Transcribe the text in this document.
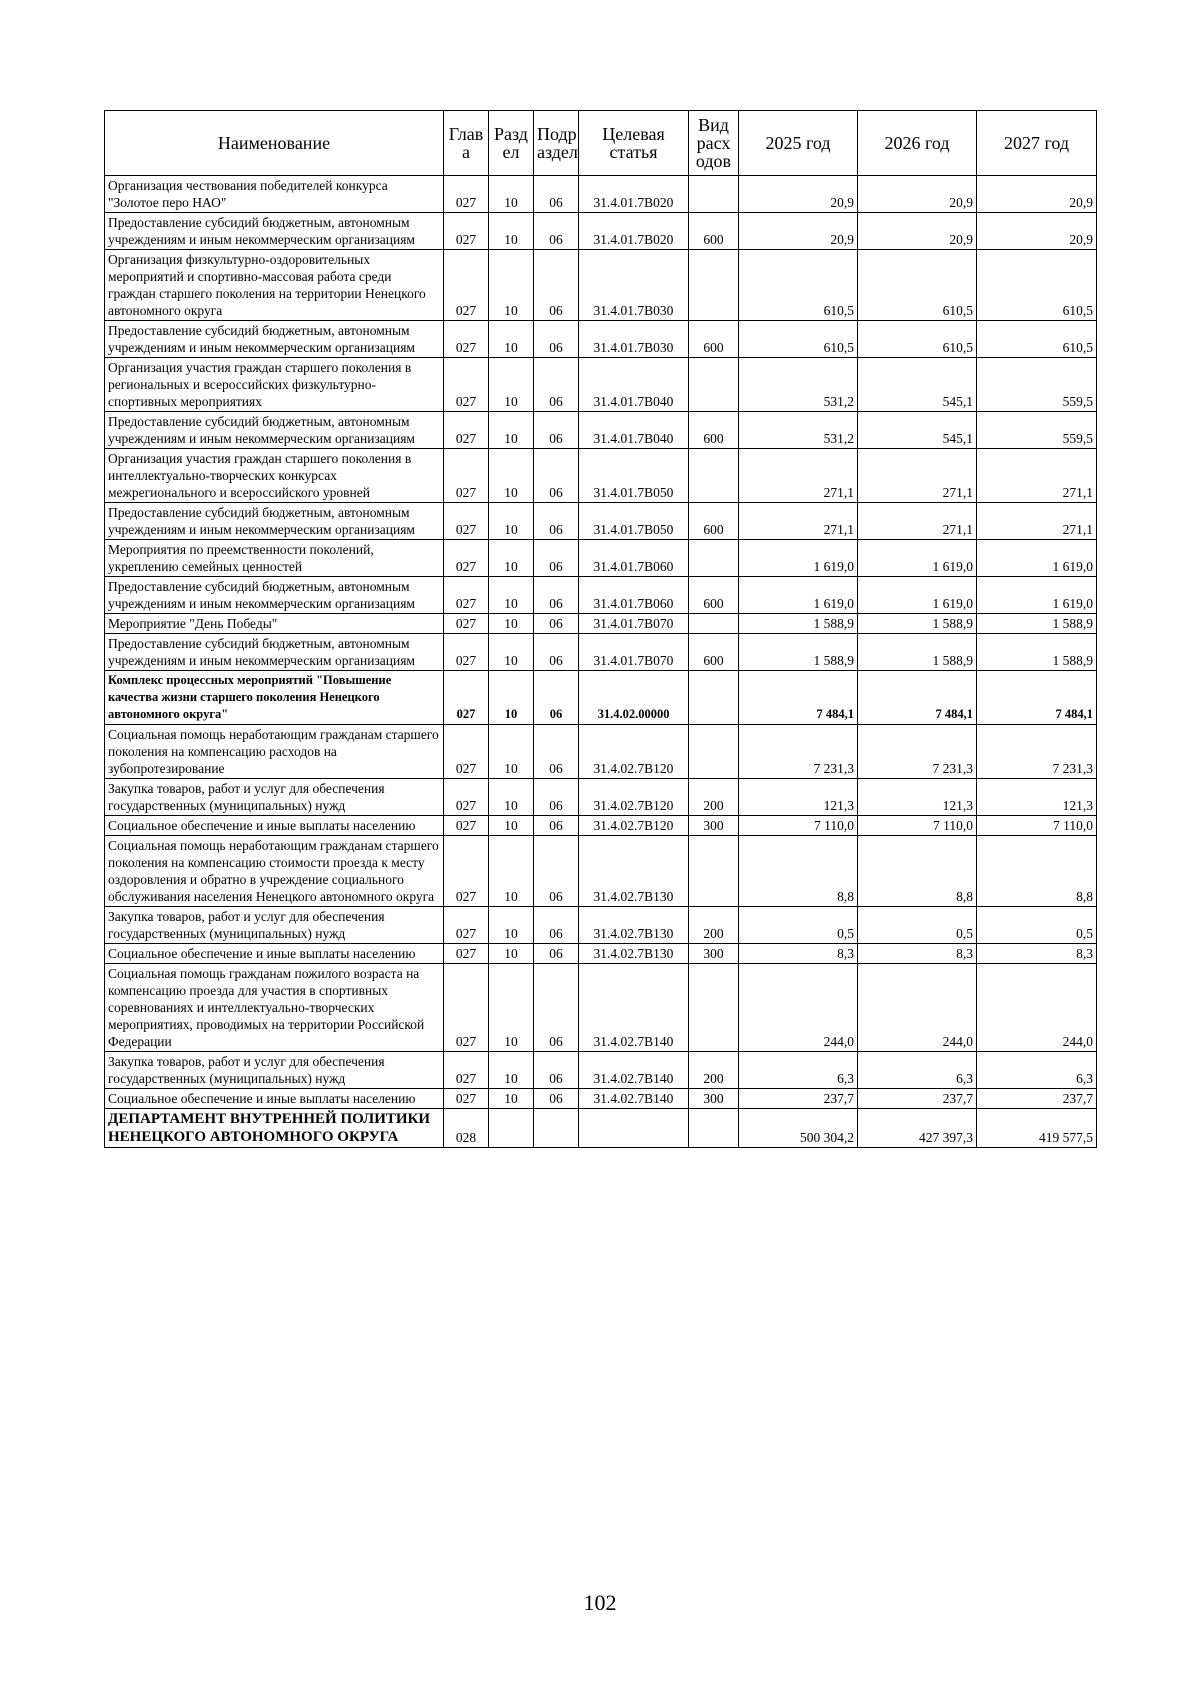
Наименование	Глав а	Разд ел	Подр аздел	Целевая статья	Вид расх одов	2025 год	2026 год	2027 год
Организация чествования победителей конкурса "Золотое перо НАО"	027	10	06	31.4.01.7В020		20,9	20,9	20,9
Предоставление субсидий бюджетным, автономным учреждениям и иным некоммерческим организациям	027	10	06	31.4.01.7В020	600	20,9	20,9	20,9
Организация физкультурно-оздоровительных мероприятий и спортивно-массовая работа среди граждан старшего поколения на территории Ненецкого автономного округа	027	10	06	31.4.01.7В030		610,5	610,5	610,5
Предоставление субсидий бюджетным, автономным учреждениям и иным некоммерческим организациям	027	10	06	31.4.01.7В030	600	610,5	610,5	610,5
Организация участия граждан старшего поколения в региональных и всероссийских физкультурно-спортивных мероприятиях	027	10	06	31.4.01.7В040		531,2	545,1	559,5
Предоставление субсидий бюджетным, автономным учреждениям и иным некоммерческим организациям	027	10	06	31.4.01.7В040	600	531,2	545,1	559,5
Организация участия граждан старшего поколения в интеллектуально-творческих конкурсах межрегионального и всероссийского уровней	027	10	06	31.4.01.7В050		271,1	271,1	271,1
Предоставление субсидий бюджетным, автономным учреждениям и иным некоммерческим организациям	027	10	06	31.4.01.7В050	600	271,1	271,1	271,1
Мероприятия по преемственности поколений, укреплению семейных ценностей	027	10	06	31.4.01.7В060		1 619,0	1 619,0	1 619,0
Предоставление субсидий бюджетным, автономным учреждениям и иным некоммерческим организациям	027	10	06	31.4.01.7В060	600	1 619,0	1 619,0	1 619,0
Мероприятие "День Победы"	027	10	06	31.4.01.7В070		1 588,9	1 588,9	1 588,9
Предоставление субсидий бюджетным, автономным учреждениям и иным некоммерческим организациям	027	10	06	31.4.01.7В070	600	1 588,9	1 588,9	1 588,9
Комплекс процессных мероприятий "Повышение качества жизни старшего поколения Ненецкого автономного округа"	027	10	06	31.4.02.00000		7 484,1	7 484,1	7 484,1
Социальная помощь неработающим гражданам старшего поколения на компенсацию расходов на зубопротезирование	027	10	06	31.4.02.7В120		7 231,3	7 231,3	7 231,3
Закупка товаров, работ и услуг для обеспечения государственных (муниципальных) нужд	027	10	06	31.4.02.7В120	200	121,3	121,3	121,3
Социальное обеспечение и иные выплаты населению	027	10	06	31.4.02.7В120	300	7 110,0	7 110,0	7 110,0
Социальная помощь неработающим гражданам старшего поколения на компенсацию стоимости проезда к месту оздоровления и обратно в учреждение социального обслуживания населения Ненецкого автономного округа	027	10	06	31.4.02.7В130		8,8	8,8	8,8
Закупка товаров, работ и услуг для обеспечения государственных (муниципальных) нужд	027	10	06	31.4.02.7В130	200	0,5	0,5	0,5
Социальное обеспечение и иные выплаты населению	027	10	06	31.4.02.7В130	300	8,3	8,3	8,3
Социальная помощь гражданам пожилого возраста на компенсацию проезда для участия в спортивных соревнованиях и интеллектуально-творческих мероприятиях, проводимых на территории Российской Федерации	027	10	06	31.4.02.7В140		244,0	244,0	244,0
Закупка товаров, работ и услуг для обеспечения государственных (муниципальных) нужд	027	10	06	31.4.02.7В140	200	6,3	6,3	6,3
Социальное обеспечение и иные выплаты населению	027	10	06	31.4.02.7В140	300	237,7	237,7	237,7
ДЕПАРТАМЕНТ ВНУТРЕННЕЙ ПОЛИТИКИ НЕНЕЦКОГО АВТОНОМНОГО ОКРУГА	028					500 304,2	427 397,3	419 577,5
102
